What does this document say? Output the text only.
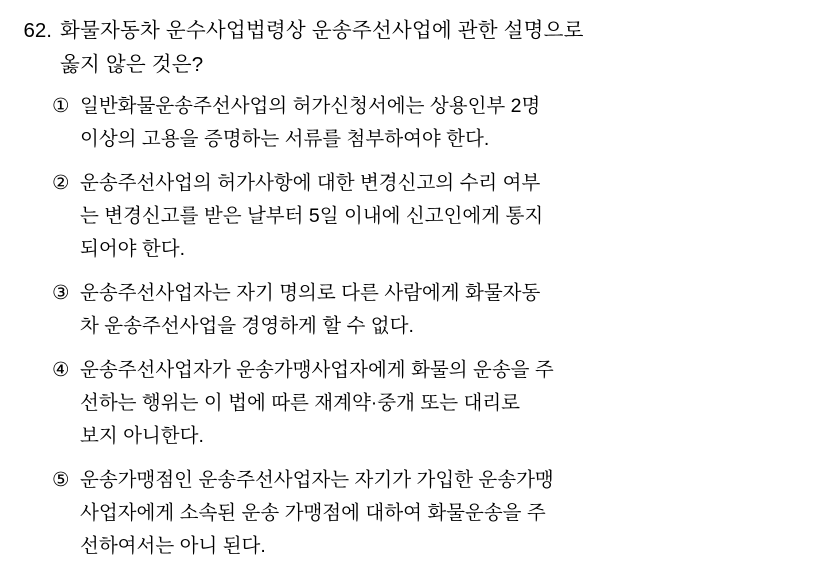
62. 화물자동차 운수사업법령상 운송주선사업에 관한 설명으로
옳지 않은 것은?
① 일반화물운송주선사업의 허가신청서에는 상용인부 2명
이상의 고용을 증명하는 서류를 첨부하여야 한다.
② 운송주선사업의 허가사항에 대한 변경신고의 수리 여부
는 변경신고를 받은 날부터 5일 이내에 신고인에게 통지
되어야 한다.
③ 운송주선사업자는 자기 명의로 다른 사람에게 화물자동
차 운송주선사업을 경영하게 할 수 없다.
④ 운송주선사업자가 운송가맹사업자에게 화물의 운송을 주
선하는 행위는 이 법에 따른 재계약·중개 또는 대리로
보지 아니한다.
⑤ 운송가맹점인 운송주선사업자는 자기가 가입한 운송가맹
사업자에게 소속된 운송 가맹점에 대하여 화물운송을 주
선하여서는 아니 된다.
